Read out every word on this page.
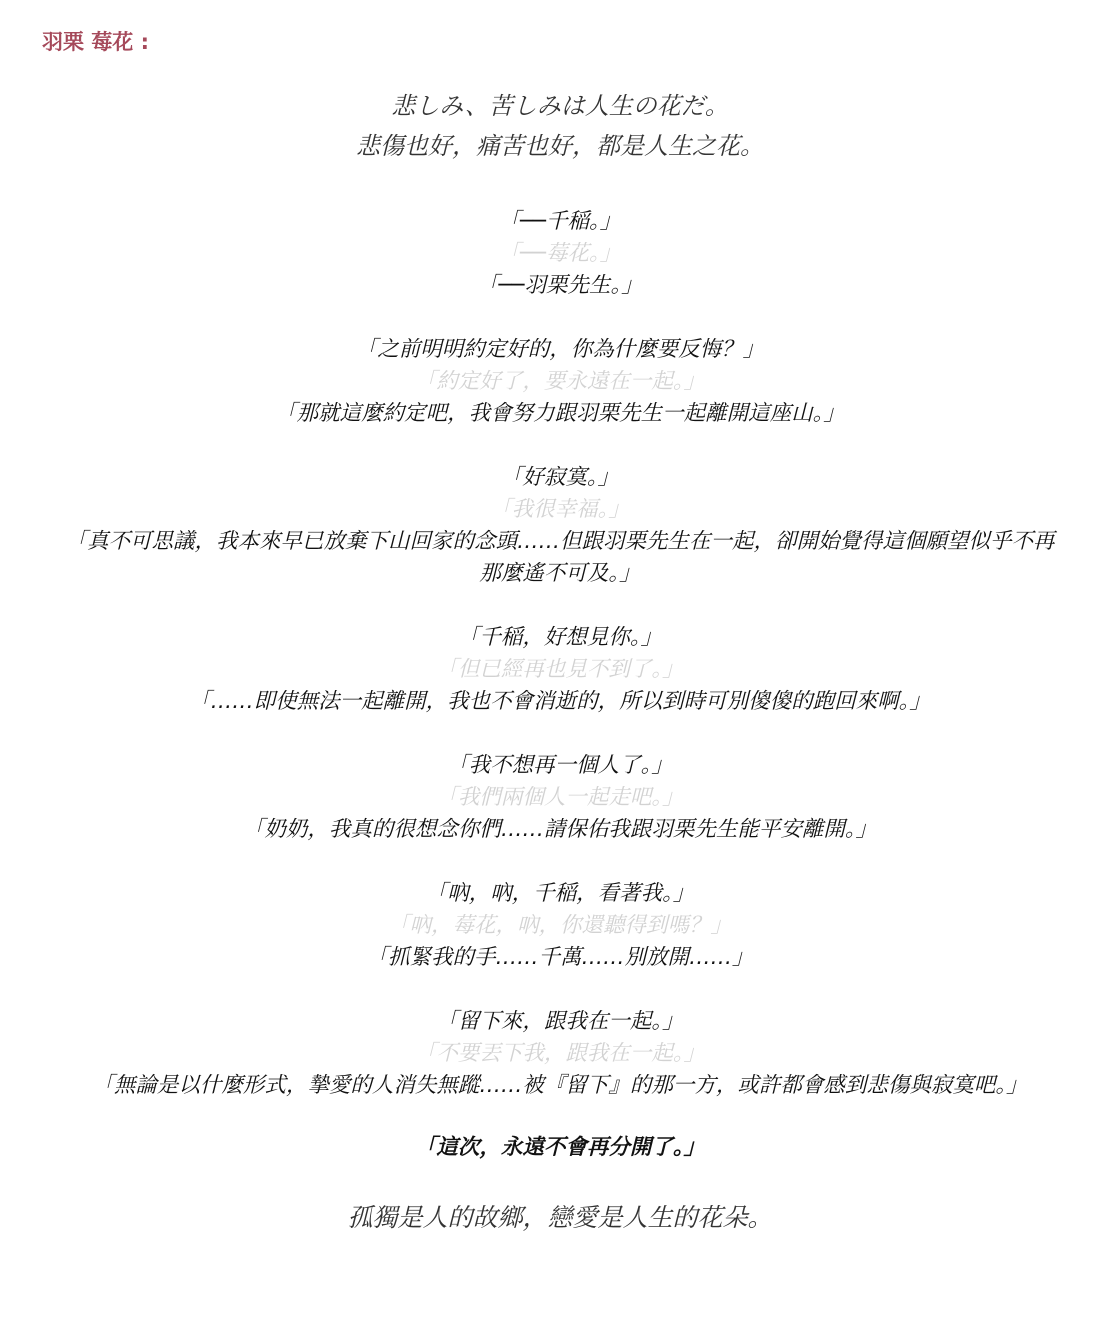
羽栗 莓花 :

悲しみ、苦しみは人生の花だ。

悲傷也好，痛苦也好，都是人生之花。

「──千稲。」

「──莓花。」

「──羽栗先生。」

「之前明明約定好的，你為什麼要反悔？」

「約定好了，要永遠在一起。」

「那就這麼約定吧，我會努力跟羽栗先生一起離開這座山。」

「好寂寞。」

「我很幸福。」

「真不可思議，我本來早已放棄下山回家的念頭……但跟羽栗先生在一起，卻開始覺得這個願望似乎不再那麼遙不可及。」

「千稲，好想見你。」

「但已經再也見不到了。」

「……即使無法一起離開，我也不會消逝的，所以到時可別傻傻的跑回來啊。」

「我不想再一個人了。」

「我們兩個人一起走吧。」

「奶奶，我真的很想念你們……請保佑我跟羽栗先生能平安離開。」

「吶，吶，千稲，看著我。」

「吶，莓花，吶，你還聽得到嗎？」

「抓緊我的手……千萬……別放開……」

「留下來，跟我在一起。」

「不要丟下我，跟我在一起。」

「無論是以什麼形式，摯愛的人消失無蹤……被『留下』的那一方，或許都會感到悲傷與寂寞吧。」

「這次，永遠不會再分開了。」

孤獨是人的故鄉，戀愛是人生的花朵。
